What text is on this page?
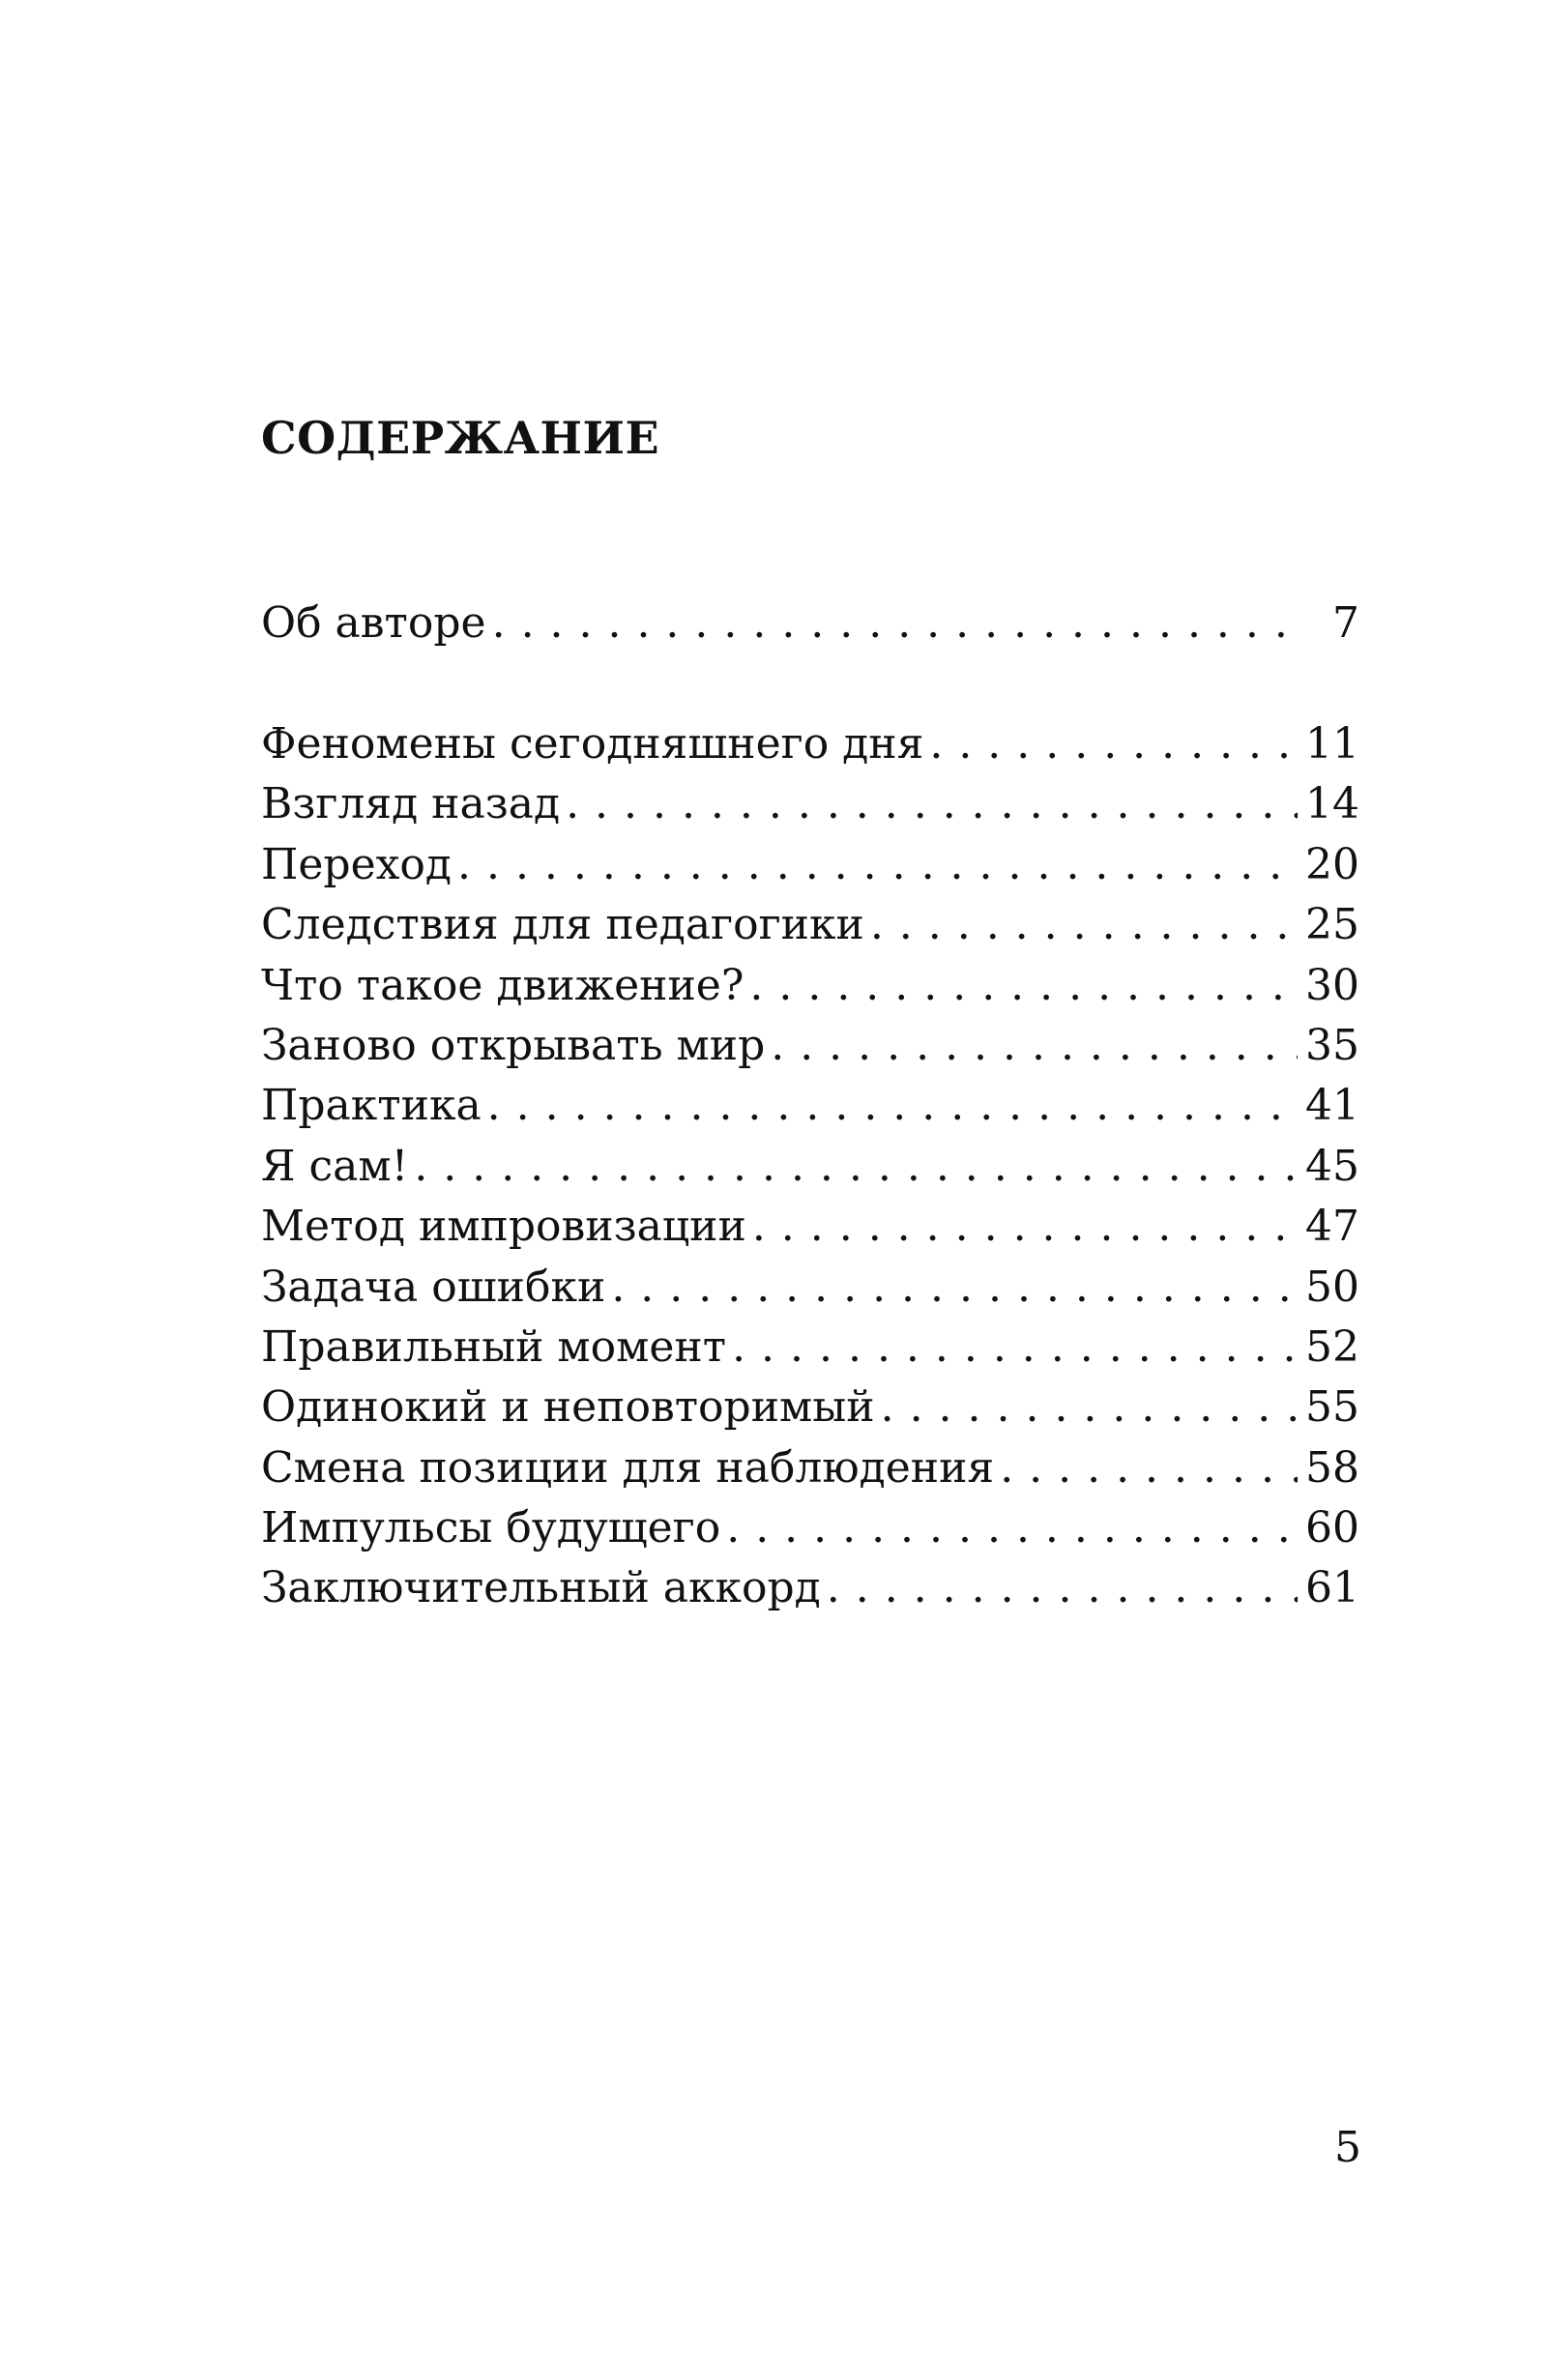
СОДЕРЖАНИЕ
Об авторе . . .	7
Феномены сегодняшнего дня . . .	11
Взгляд назад . . .	14
Переход . . .	20
Следствия для педагогики . . .	25
Что такое движение? . . .	30
Заново открывать мир . . .	35
Практика . . .	41
Я сам! . . .	45
Метод импровизации . . .	47
Задача ошибки . . .	50
Правильный момент . . .	52
Одинокий и неповторимый . . .	55
Смена позиции для наблюдения . . .	58
Импульсы будущего . . .	60
Заключительный аккорд . . .	61
5
